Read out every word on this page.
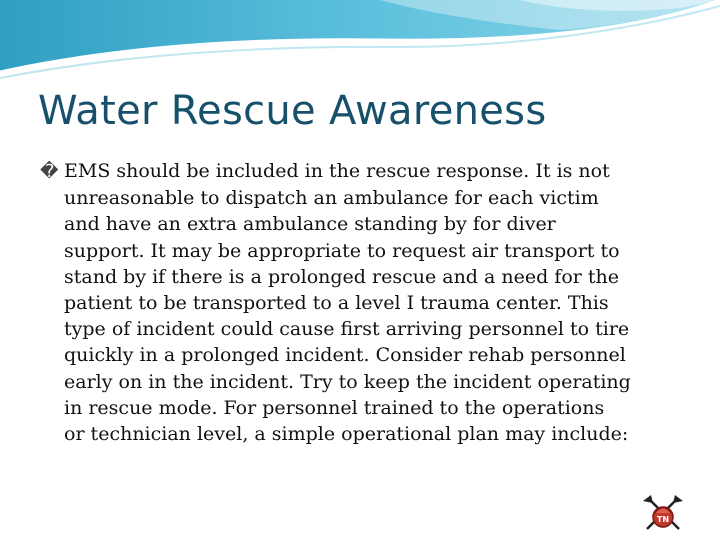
Water Rescue Awareness

� EMS should be included in the rescue response. It is not
unreasonable to dispatch an ambulance for each victim
and have an extra ambulance standing by for diver
support. It may be appropriate to request air transport to
stand by if there is a prolonged rescue and a need for the
patient to be transported to a level I trauma center. This
type of incident could cause first arriving personnel to tire
quickly in a prolonged incident. Consider rehab personnel
early on in the incident. Try to keep the incident operating
in rescue mode. For personnel trained to the operations
or technician level, a simple operational plan may include:

TN
